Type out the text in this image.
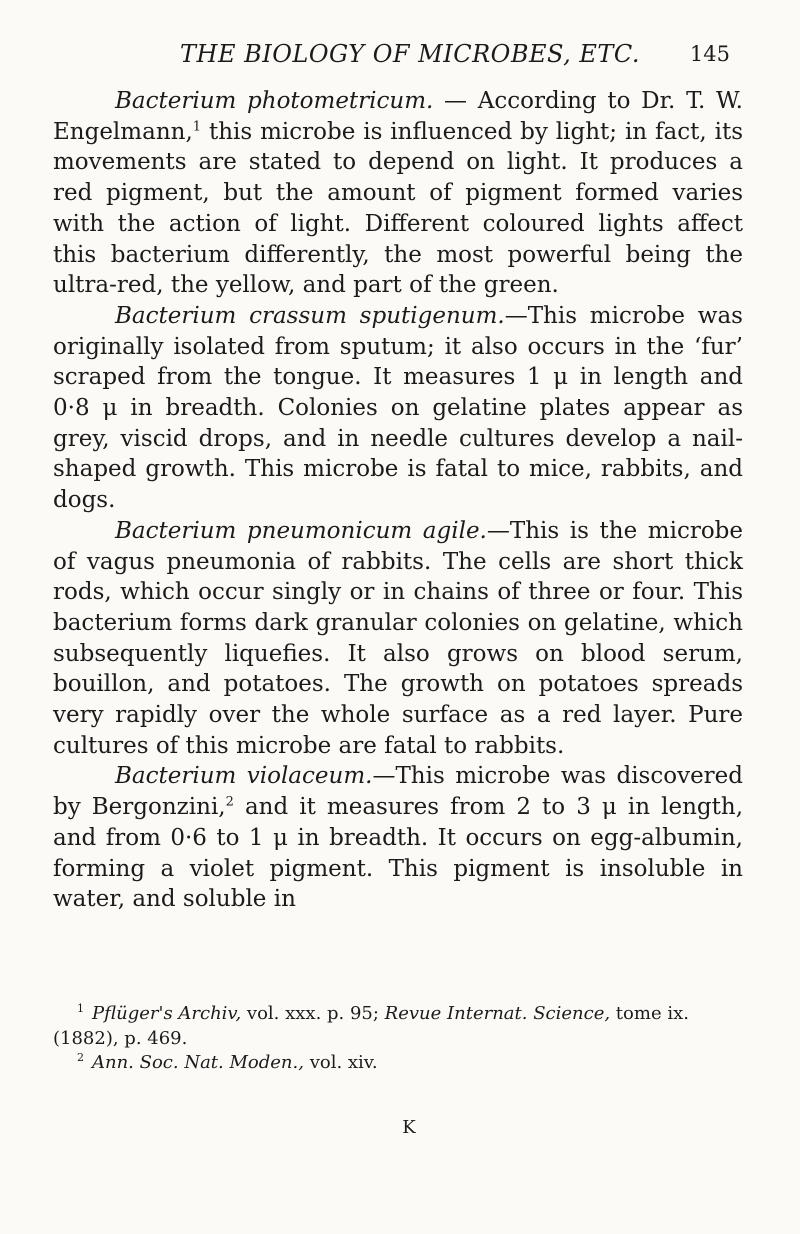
THE BIOLOGY OF MICROBES, ETC. 145

Bacterium photometricum. — According to Dr. T. W. Engelmann,$^1$ this microbe is influenced by light; in fact, its movements are stated to depend on light. It produces a red pigment, but the amount of pigment formed varies with the action of light. Different coloured lights affect this bacterium differently, the most powerful being the ultra-red, the yellow, and part of the green.

Bacterium crassum sputigenum.—This microbe was originally isolated from sputum; it also occurs in the ‘fur’ scraped from the tongue. It measures 1 μ in length and 0·8 μ in breadth. Colonies on gelatine plates appear as grey, viscid drops, and in needle cultures develop a nail-shaped growth. This microbe is fatal to mice, rabbits, and dogs.

Bacterium pneumonicum agile.—This is the microbe of vagus pneumonia of rabbits. The cells are short thick rods, which occur singly or in chains of three or four. This bacterium forms dark granular colonies on gelatine, which subsequently liquefies. It also grows on blood serum, bouillon, and potatoes. The growth on potatoes spreads very rapidly over the whole surface as a red layer. Pure cultures of this microbe are fatal to rabbits.

Bacterium violaceum.—This microbe was discovered by Bergonzini,$^2$ and it measures from 2 to 3 μ in length, and from 0·6 to 1 μ in breadth. It occurs on egg-albumin, forming a violet pigment. This pigment is insoluble in water, and soluble in

$^1$ Pflüger's Archiv, vol. xxx. p. 95; Revue Internat. Science, tome ix. (1882), p. 469.

$^2$ Ann. Soc. Nat. Moden., vol. xiv.

K
